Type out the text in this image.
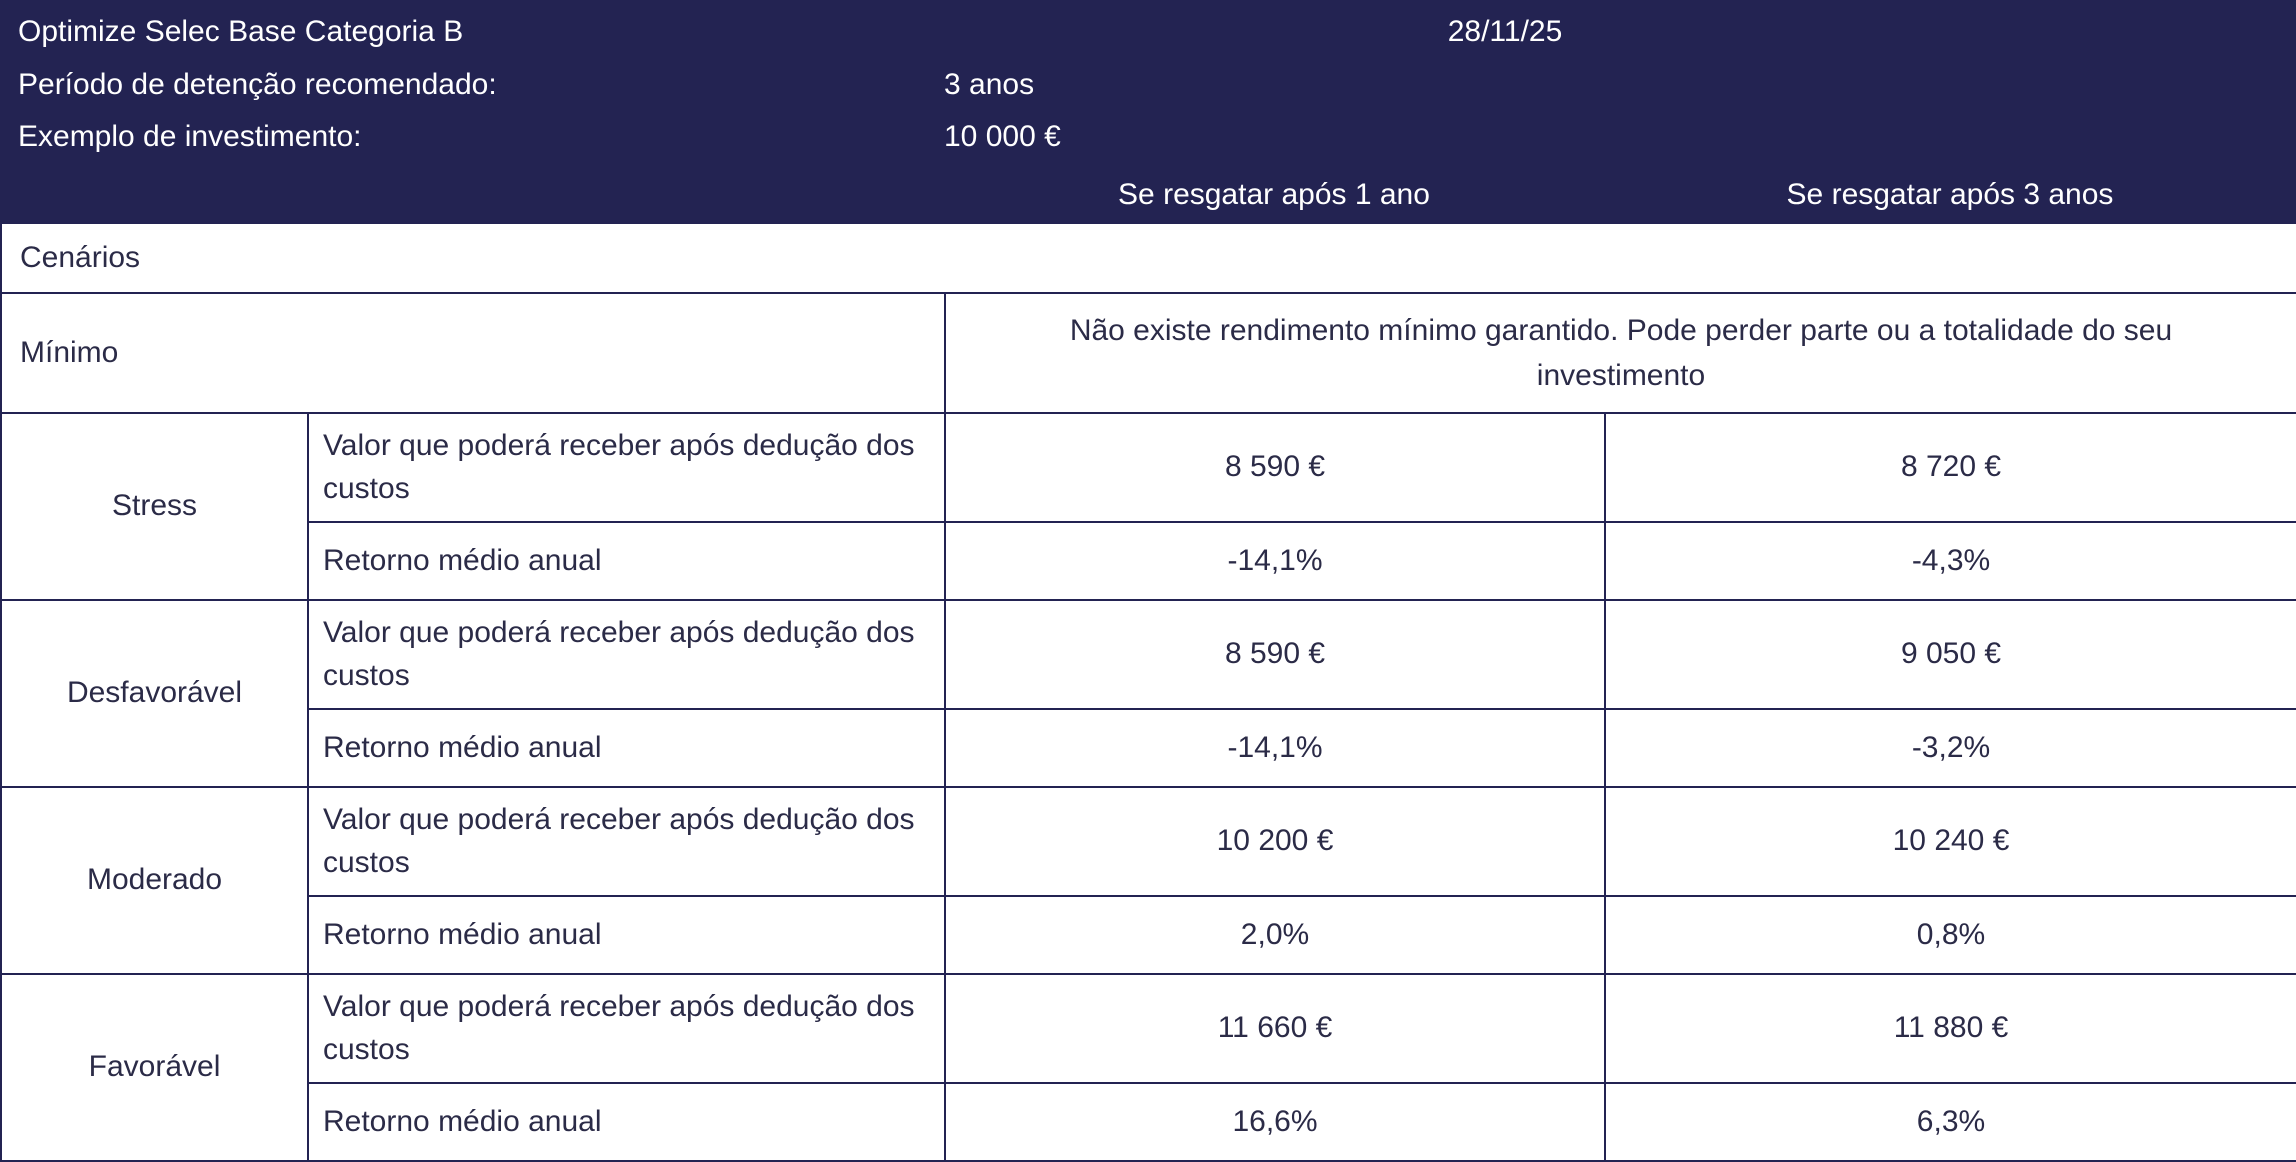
Optimize Selec Base Categoria B	28/11/25
Período de detenção recomendado:	3 anos
Exemplo de investimento:	10 000 €
Se resgatar após 1 ano	Se resgatar após 3 anos
Cenários			
Mínimo		Não existe rendimento mínimo garantido. Pode perder parte ou a totalidade do seu investimento	
Stress	Valor que poderá receber após dedução dos custos	8 590 €	8 720 €
	Retorno médio anual	-14,1%	-4,3%
Desfavorável	Valor que poderá receber após dedução dos custos	8 590 €	9 050 €
	Retorno médio anual	-14,1%	-3,2%
Moderado	Valor que poderá receber após dedução dos custos	10 200 €	10 240 €
	Retorno médio anual	2,0%	0,8%
Favorável	Valor que poderá receber após dedução dos custos	11 660 €	11 880 €
	Retorno médio anual	16,6%	6,3%
